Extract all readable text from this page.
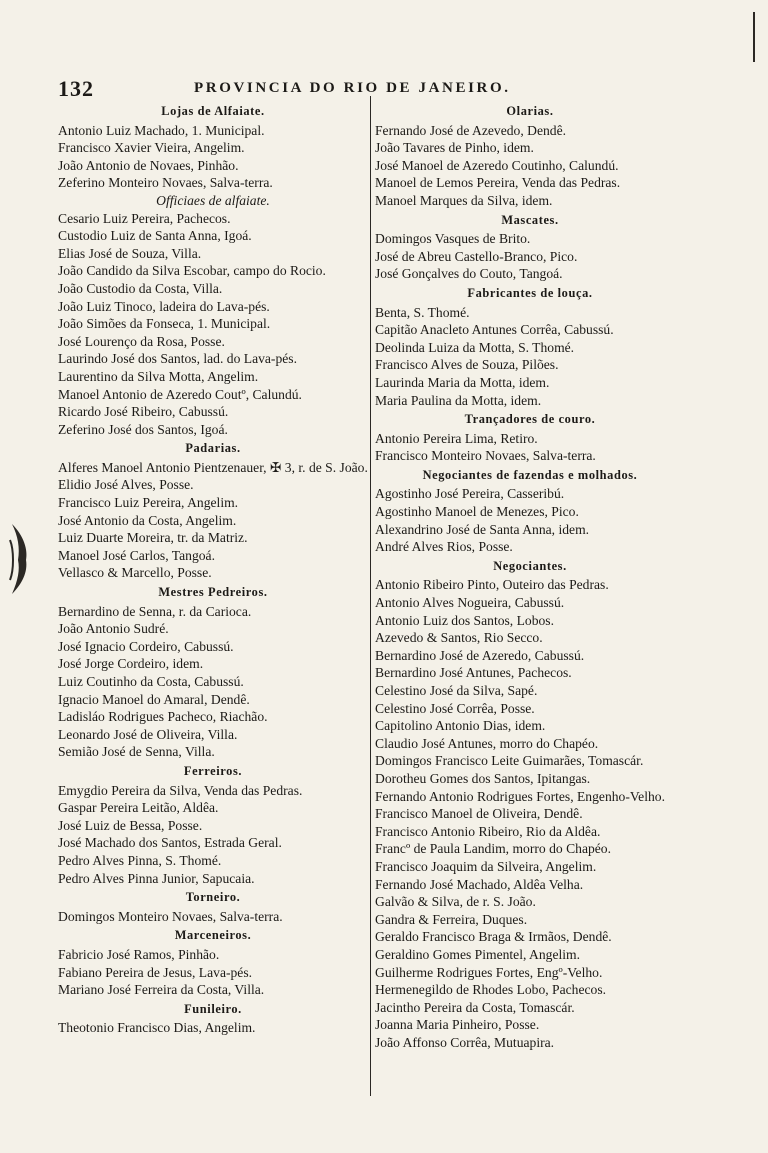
132	PROVINCIA DO RIO DE JANEIRO.
Lojas de Alfaiate.
Antonio Luiz Machado, 1. Municipal.
Francisco Xavier Vieira, Angelim.
João Antonio de Novaes, Pinhão.
Zeferino Monteiro Novaes, Salva-terra.
Officiaes de alfaiate.
Cesario Luiz Pereira, Pachecos.
Custodio Luiz de Santa Anna, Igoá.
Elias José de Souza, Villa.
João Candido da Silva Escobar, campo do Rocio.
João Custodio da Costa, Villa.
João Luiz Tinoco, ladeira do Lava-pés.
João Simões da Fonseca, 1. Municipal.
José Lourenço da Rosa, Posse.
Laurindo José dos Santos, lad. do Lava-pés.
Laurentino da Silva Motta, Angelim.
Manoel Antonio de Azeredo Coutº, Calundú.
Ricardo José Ribeiro, Cabussú.
Zeferino José dos Santos, Igoá.
Padarias.
Alferes Manoel Antonio Pientzenauer, ✠ 3, r. de S. João.
Elidio José Alves, Posse.
Francisco Luiz Pereira, Angelim.
José Antonio da Costa, Angelim.
Luiz Duarte Moreira, tr. da Matriz.
Manoel José Carlos, Tangoá.
Vellasco & Marcello, Posse.
Mestres Pedreiros.
Bernardino de Senna, r. da Carioca.
João Antonio Sudré.
José Ignacio Cordeiro, Cabussú.
José Jorge Cordeiro, idem.
Luiz Coutinho da Costa, Cabussú.
Ignacio Manoel do Amaral, Dendê.
Ladisláo Rodrigues Pacheco, Riachão.
Leonardo José de Oliveira, Villa.
Semião José de Senna, Villa.
Ferreiros.
Emygdio Pereira da Silva, Venda das Pedras.
Gaspar Pereira Leitão, Aldêa.
José Luiz de Bessa, Posse.
José Machado dos Santos, Estrada Geral.
Pedro Alves Pinna, S. Thomé.
Pedro Alves Pinna Junior, Sapucaia.
Torneiro.
Domingos Monteiro Novaes, Salva-terra.
Marceneiros.
Fabricio José Ramos, Pinhão.
Fabiano Pereira de Jesus, Lava-pés.
Mariano José Ferreira da Costa, Villa.
Funileiro.
Theotonio Francisco Dias, Angelim.
Olarias.
Fernando José de Azevedo, Dendê.
João Tavares de Pinho, idem.
José Manoel de Azeredo Coutinho, Calundú.
Manoel de Lemos Pereira, Venda das Pedras.
Manoel Marques da Silva, idem.
Mascates.
Domingos Vasques de Brito.
José de Abreu Castello-Branco, Pico.
José Gonçalves do Couto, Tangoá.
Fabricantes de louça.
Benta, S. Thomé.
Capitão Anacleto Antunes Corrêa, Cabussú.
Deolinda Luiza da Motta, S. Thomé.
Francisco Alves de Souza, Pilões.
Laurinda Maria da Motta, idem.
Maria Paulina da Motta, idem.
Trançadores de couro.
Antonio Pereira Lima, Retiro.
Francisco Monteiro Novaes, Salva-terra.
Negociantes de fazendas e molhados.
Agostinho José Pereira, Casseribú.
Agostinho Manoel de Menezes, Pico.
Alexandrino José de Santa Anna, idem.
André Alves Rios, Posse.
Negociantes.
Antonio Ribeiro Pinto, Outeiro das Pedras.
Antonio Alves Nogueira, Cabussú.
Antonio Luiz dos Santos, Lobos.
Azevedo & Santos, Rio Secco.
Bernardino José de Azeredo, Cabussú.
Bernardino José Antunes, Pachecos.
Celestino José da Silva, Sapé.
Celestino José Corrêa, Posse.
Capitolino Antonio Dias, idem.
Claudio José Antunes, morro do Chapéo.
Domingos Francisco Leite Guimarães, Tomascár.
Dorotheu Gomes dos Santos, Ipitangas.
Fernando Antonio Rodrigues Fortes, Engenho-Velho.
Francisco Manoel de Oliveira, Dendê.
Francisco Antonio Ribeiro, Rio da Aldêa.
Francº de Paula Landim, morro do Chapéo.
Francisco Joaquim da Silveira, Angelim.
Fernando José Machado, Aldêa Velha.
Galvão & Silva, de r. S. João.
Gandra & Ferreira, Duques.
Geraldo Francisco Braga & Irmãos, Dendê.
Geraldino Gomes Pimentel, Angelim.
Guilherme Rodrigues Fortes, Engº-Velho.
Hermenegildo de Rhodes Lobo, Pachecos.
Jacintho Pereira da Costa, Tomascár.
Joanna Maria Pinheiro, Posse.
João Affonso Corrêa, Mutuapira.
